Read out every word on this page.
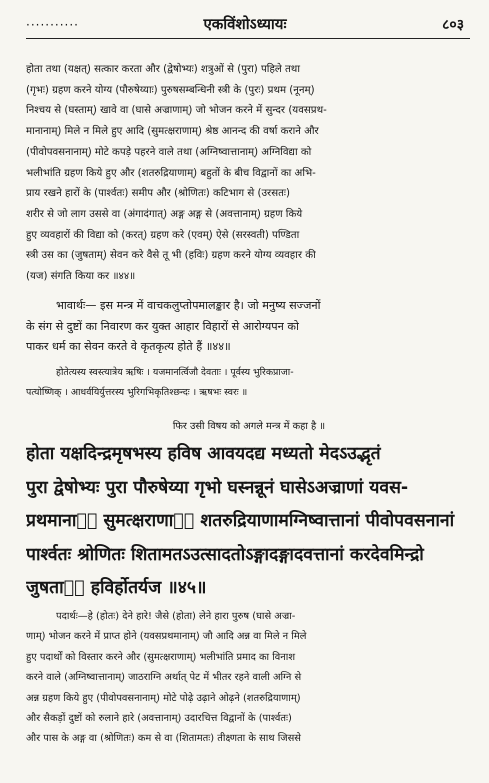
···········	एकविंशोऽध्यायः	८०३
होता तथा (यक्षत्) सत्कार करता और (द्वेषोभ्यः) शत्रुओं से (पुरा) पहिले तथा
(गृभः) ग्रहण करने योग्य (पौरुषेय्याः) पुरुषसम्बन्धिनी स्त्री के (पुरः) प्रथम (नूनम्)
निश्चय से (घस्ताम्) खावे वा (घासे अज्राणाम्) जो भोजन करने में सुन्दर (यवसप्रथ-
मानानाम्) मिले न मिले हुए आदि (सुमत्क्षराणाम्) श्रेष्ठ आनन्द की वर्षा कराने और
(पीवोपवसनानाम्) मोटे कपड़े पहरने वाले तथा (अग्निष्वात्तानाम्) अग्निविद्या को
भलीभांति ग्रहण किये हुए और (शतरुद्रियाणाम्) बहुतों के बीच विद्वानों का अभि-
प्राय रखने हारों के (पार्श्वतः) समीप और (श्रोणितः) कटिभाग से (उरसतः)
शरीर से जो लाग उससे वा (अंगादंगात्) अङ्ग अङ्ग से (अवत्तानाम्) ग्रहण किये
हुए व्यवहारों की विद्या को (करत्) ग्रहण करे (एवम्) ऐसे (सरस्वती) पण्डिता
स्त्री उस का (जुषताम्) सेवन करे वैसे तू भी (हविः) ग्रहण करने योग्य व्यवहार की
(यज) संगति किया कर ॥४४॥
भावार्थः— इस मन्त्र में वाचकलुप्तोपमालङ्कार है। जो मनुष्य सज्जनों
के संग से दुष्टों का निवारण कर युक्त आहार विहारों से आरोग्यपन को
पाकर धर्म का सेवन करते वे कृतकृत्य होते हैं ॥४४॥
होतेत्यस्य स्वस्त्यात्रेय ऋषिः । यजमानर्त्विजौ देवताः । पूर्वस्य भुरिकप्राजा-
पत्योष्णिक् । आधर्वयिर्युत्तरस्य भुरिगभिकृतिश्छन्दः । ऋषभः स्वरः ॥
फिर उसी विषय को अगले मन्त्र में कहा है ॥
होता यक्षदिन्द्रमृषभस्य हविष आवयदद्य मध्यतो मेदऽउद्भृतं
पुरा द्वेषोभ्यः पुरा पौरुषेय्या गृभो घस्नन्नूनं घासेऽअज्राणां यवस-
प्रथमानाᳬं सुमत्क्षराणाᳬं शतरुद्रियाणामग्निष्वात्तानां पीवोपवसनानां
पार्श्वतः श्रोणितः शितामतऽउत्सादतोऽङ्गादङ्गादवत्तानां करदेवमिन्द्रो
जुषताᳬं हविर्होतर्यज ॥४५॥
पदार्थः—हे (होतः) देने हारे! जैसे (होता) लेने हारा पुरुष (घासे अज्रा-
णाम्) भोजन करने में प्राप्त होने (यवसप्रथमानाम्) जौ आदि अन्न वा मिले न मिले
हुए पदार्थों को विस्तार करने और (सुमत्क्षराणाम्) भलीभांति प्रमाद का विनाश
करने वाले (अग्निष्वात्तानाम्) जाठराग्नि अर्थात् पेट में भीतर रहने वाली अग्नि से
अन्न ग्रहण किये हुए (पीवोपवसनानाम्) मोटे पोढ़े उढ़ाने ओढ़ने (शतरुद्रियाणाम्)
और सैकड़ों दुष्टों को रुलाने हारे (अवत्तानाम्) उदारचित्त विद्वानों के (पार्श्वतः)
और पास के अङ्ग वा (श्रोणितः) कम से वा (शितामतः) तीक्ष्णता के साथ जिससे
